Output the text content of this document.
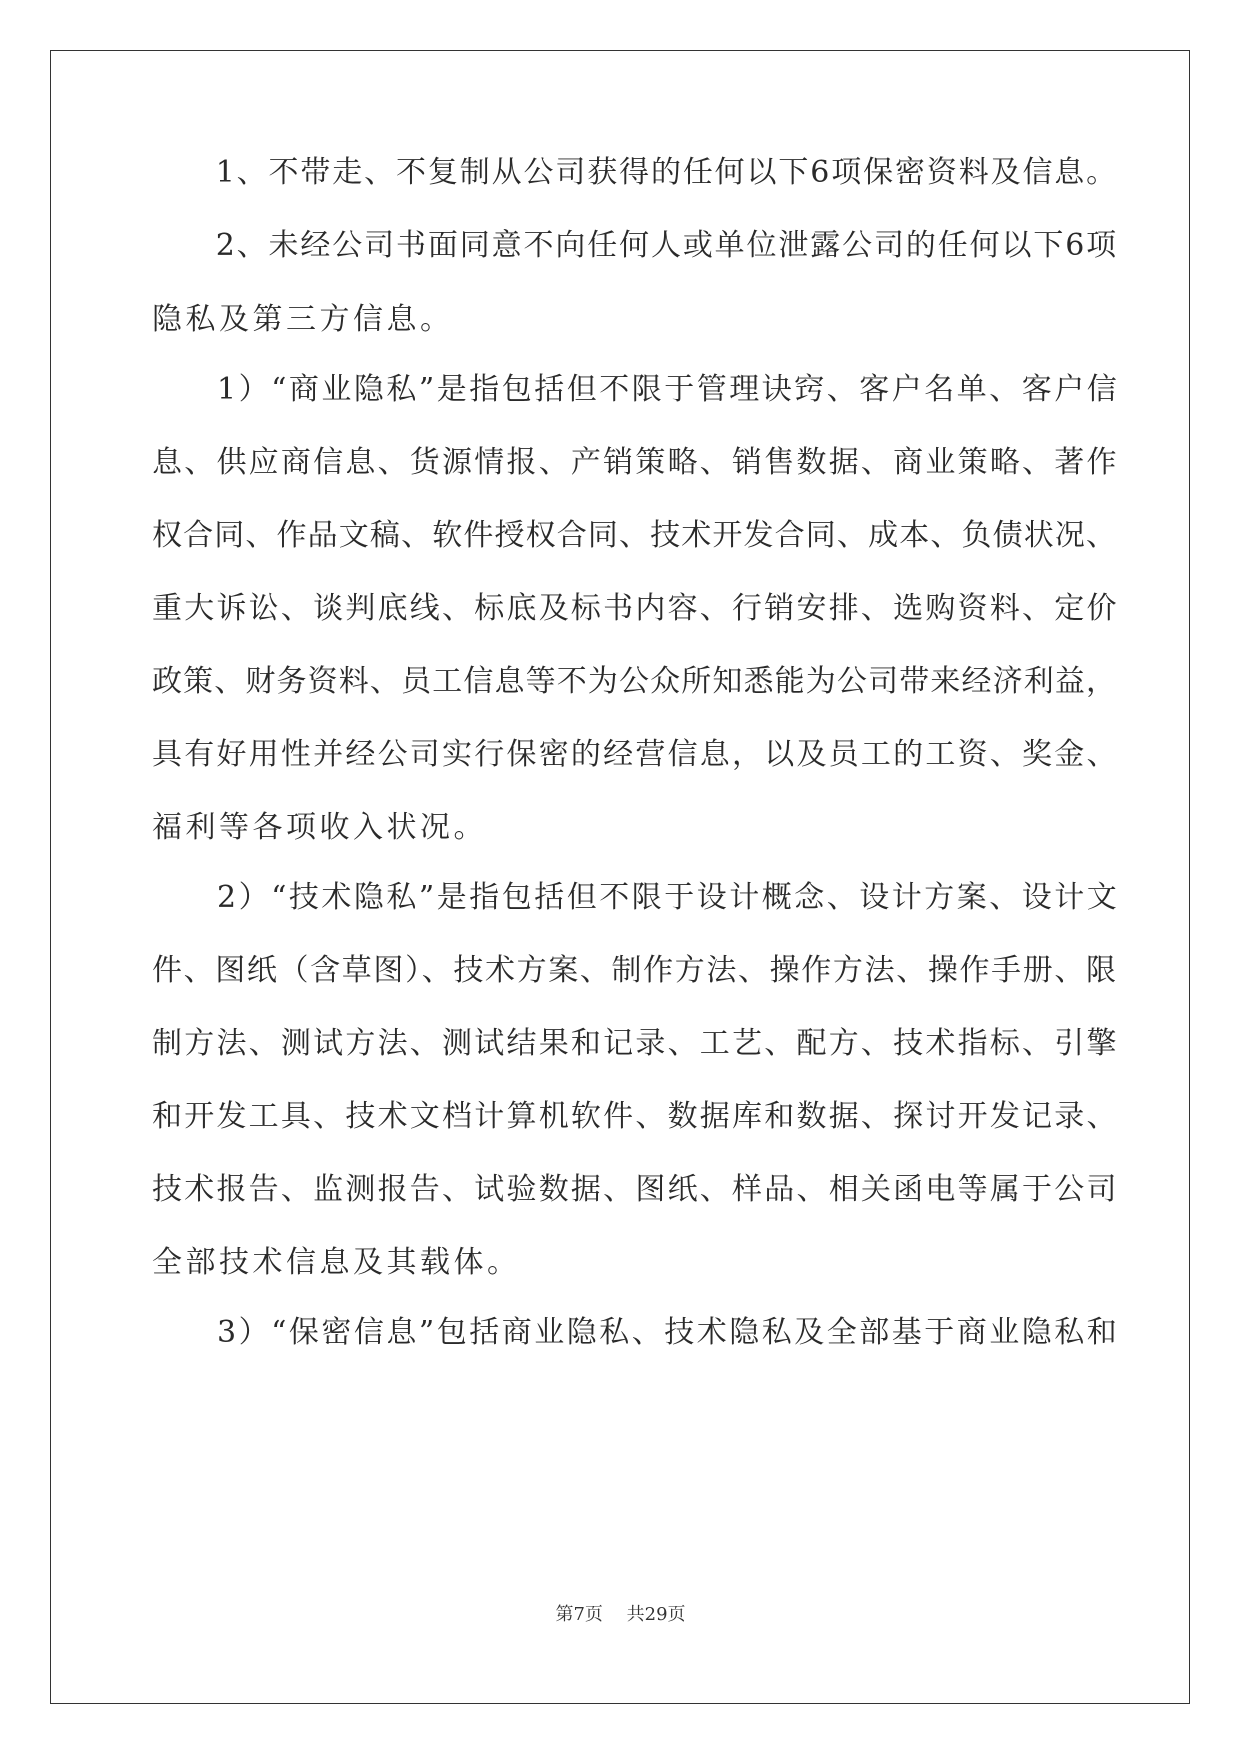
　　1、不带走、不复制从公司获得的任何以下6项保密资料及信息。
　　2、未经公司书面同意不向任何人或单位泄露公司的任何以下6项
隐私及第三方信息。
　　1）“商业隐私”是指包括但不限于管理诀窍、客户名单、客户信
息、供应商信息、货源情报、产销策略、销售数据、商业策略、著作
权合同、作品文稿、软件授权合同、技术开发合同、成本、负债状况、
重大诉讼、谈判底线、标底及标书内容、行销安排、选购资料、定价
政策、财务资料、员工信息等不为公众所知悉能为公司带来经济利益，
具有好用性并经公司实行保密的经营信息，以及员工的工资、奖金、
福利等各项收入状况。
　　2）“技术隐私”是指包括但不限于设计概念、设计方案、设计文
件、图纸（含草图）、技术方案、制作方法、操作方法、操作手册、限
制方法、测试方法、测试结果和记录、工艺、配方、技术指标、引擎
和开发工具、技术文档计算机软件、数据库和数据、探讨开发记录、
技术报告、监测报告、试验数据、图纸、样品、相关函电等属于公司
全部技术信息及其载体。
　　3）“保密信息”包括商业隐私、技术隐私及全部基于商业隐私和
第7页　 共29页
